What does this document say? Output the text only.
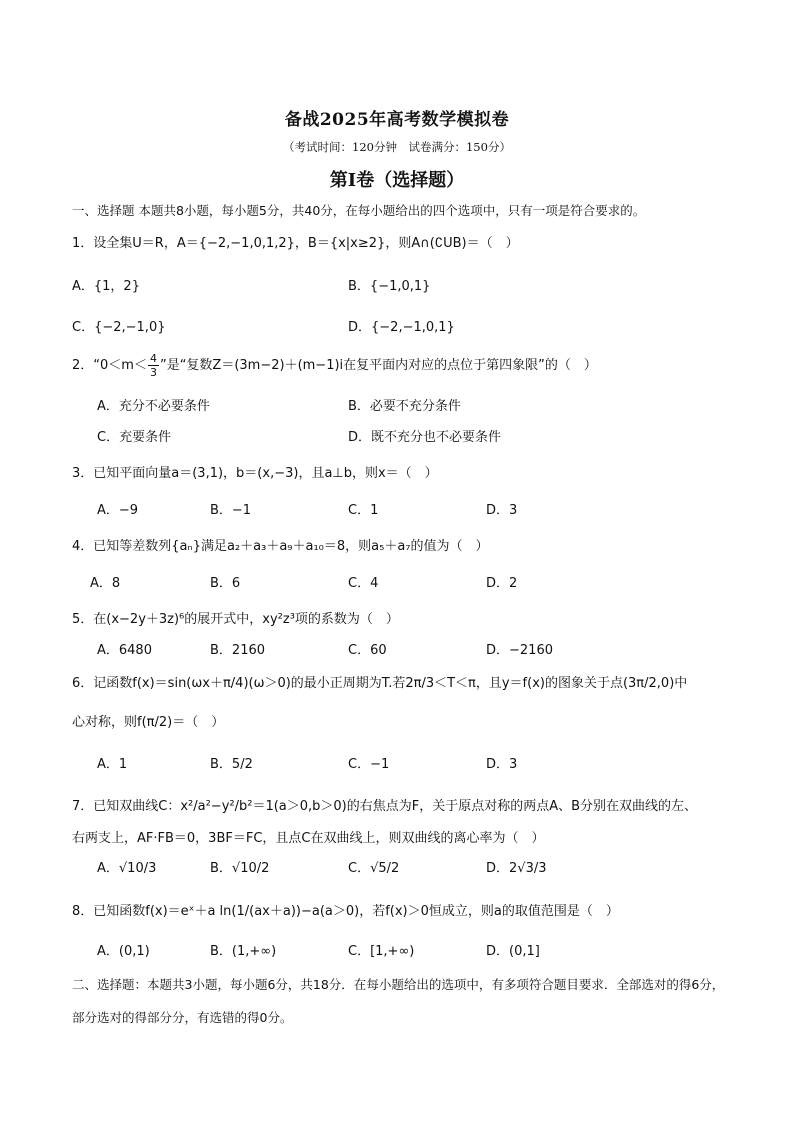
备战2025年高考数学模拟卷
（考试时间：120分钟　试卷满分：150分）
第I卷（选择题）
一、选择题 本题共8小题，每小题5分，共40分，在每小题给出的四个选项中，只有一项是符合要求的。
1．设全集U＝R，A＝{−2,−1,0,1,2}，B＝{x|x≥2}，则A∩(∁UB)＝（　）
A．{1，2}	B．{−1,0,1}
C．{−2,−1,0}	D．{−2,−1,0,1}
2．“$0<m< \frac{4}{3}$ ”是“复数Z＝(3m−2)＋(m−1)i在复平面内对应的点位于第四象限”的（　）
A．充分不必要条件	B．必要不充分条件
C．充要条件	D．既不充分也不必要条件
3．已知平面向量a＝(3,1)，b＝(x,−3)，且a⊥b，则x＝（　）
A．−9	B．−1	C．1	D．3
4．已知等差数列{aₙ}满足a₂＋a₃＋a₉＋a₁₀＝8，则a₅＋a₇的值为（　）
A．8	B．6	C．4	D．2
5．在(x−2y＋3z)⁶的展开式中，xy²z³项的系数为（　）
A．6480	B．2160	C．60	D．−2160
6．记函数f(x)＝sin(ωx＋π/4)(ω＞0)的最小正周期为T.若2π/3＜T＜π，且y＝f(x)的图象关于点(3π/2,0)中
心对称，则f(π/2)＝（　）
A．1	B．5/2	C．−1	D．3
7．已知双曲线C：x²/a²−y²/b²＝1(a＞0,b＞0)的右焦点为F，关于原点对称的两点A、B分别在双曲线的左、
右两支上，AF·FB＝0，3BF＝FC，且点C在双曲线上，则双曲线的离心率为（　）
A．√10/3	B．√10/2	C．√5/2	D．2√3/3
8．已知函数f(x)＝eˣ＋a ln(1/(ax＋a))−a(a＞0)，若f(x)＞0恒成立，则a的取值范围是（　）
A．(0,1)	B．(1,+∞)	C．[1,+∞)	D．(0,1]
二、选择题：本题共3小题，每小题6分，共18分．在每小题给出的选项中，有多项符合题目要求．全部选对的得6分，部分选对的得部分分，有选错的得0分。
